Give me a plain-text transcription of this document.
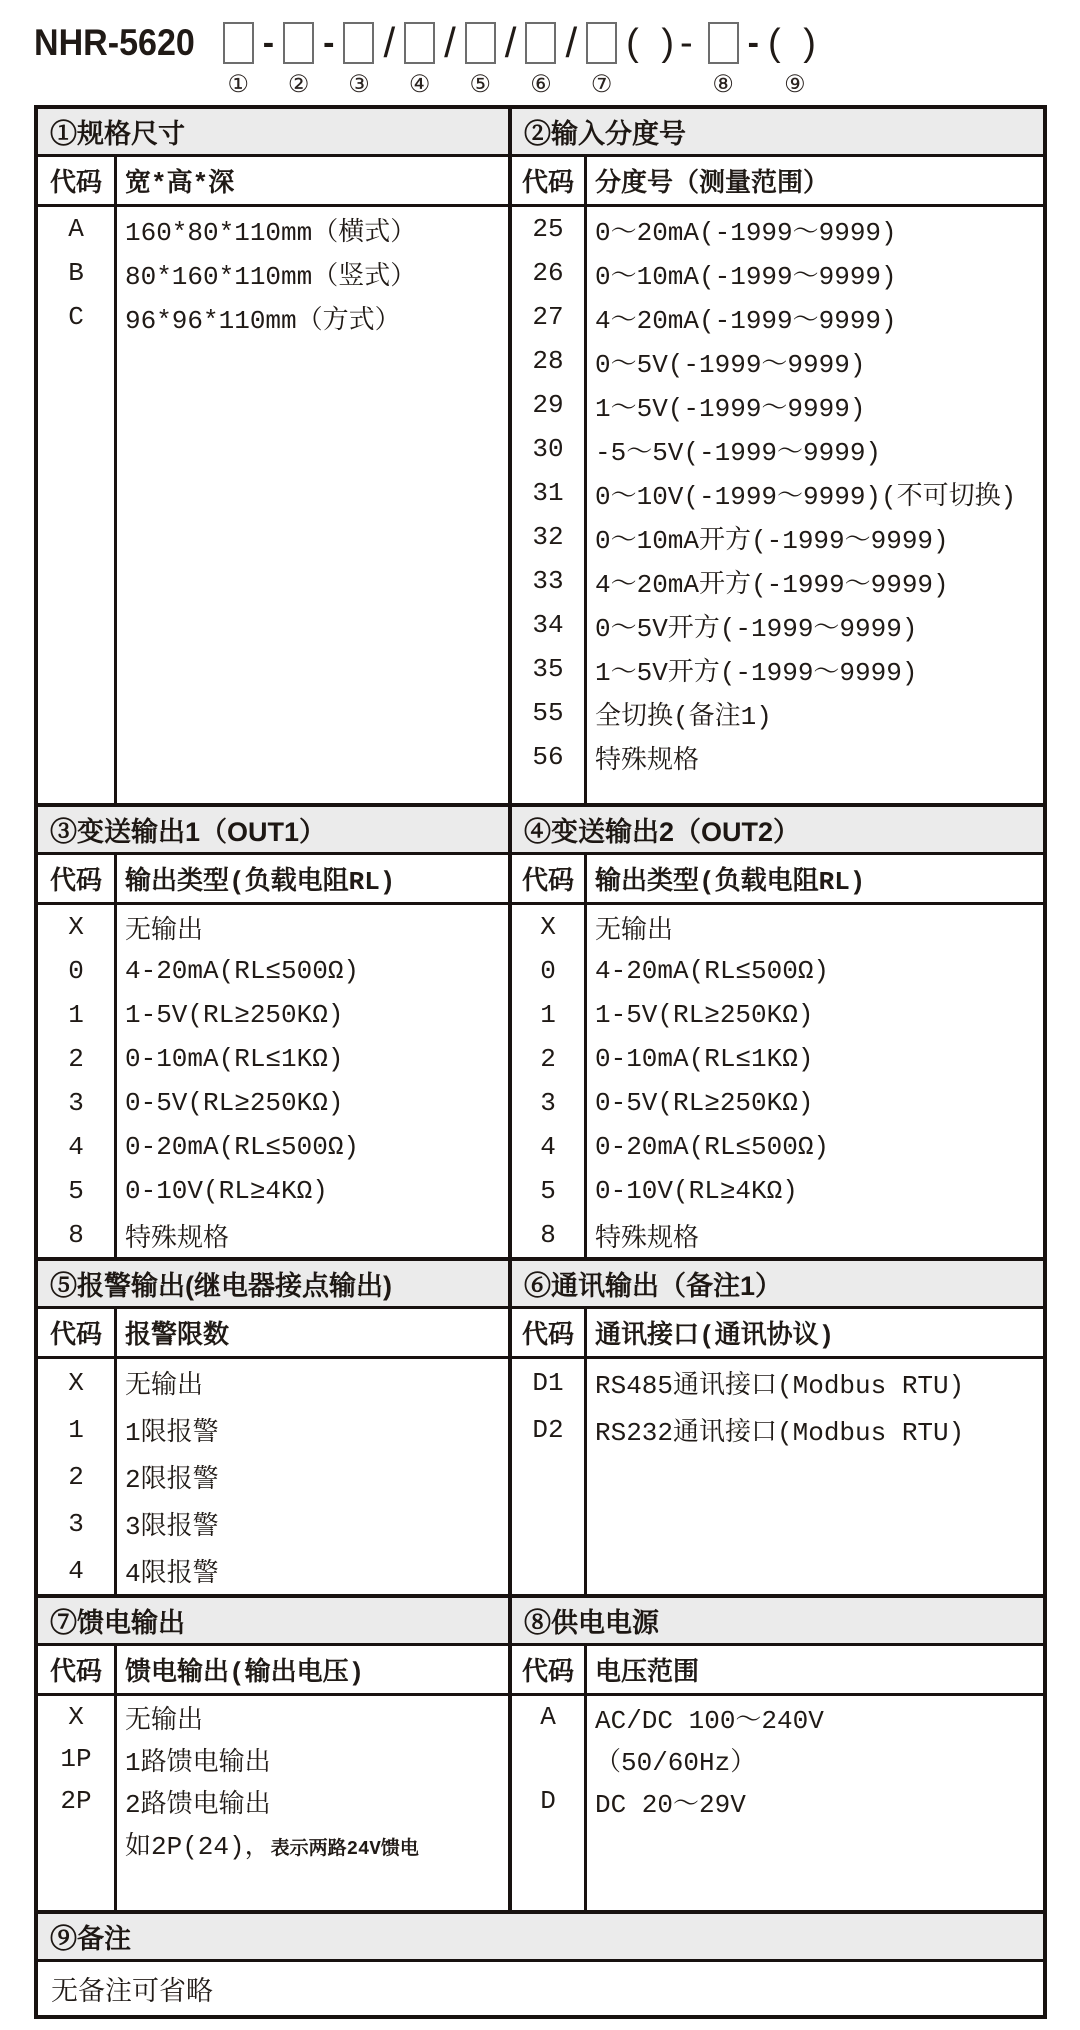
NHR-5620
①
-
②
-
③
/
④
/
⑤
/
⑥
/
⑦
( )-
⑧
- ( )
⑨
①规格尺寸
代码 宽*高*深
A	160*80*110mm（横式）
B	80*160*110mm（竖式）
C	96*96*110mm（方式）
②输入分度号
代码 分度号（测量范围）
25	0～20mA(-1999～9999)
26	0～10mA(-1999～9999)
27	4～20mA(-1999～9999)
28	0～5V(-1999～9999)
29	1～5V(-1999～9999)
30	-5～5V(-1999～9999)
31	0～10V(-1999～9999)(不可切换)
32	0～10mA开方(-1999～9999)
33	4～20mA开方(-1999～9999)
34	0～5V开方(-1999～9999)
35	1～5V开方(-1999～9999)
55	全切换(备注1)
56	特殊规格
③变送输出1（OUT1）
代码 输出类型(负载电阻RL)
X	无输出
0	4-20mA(RL≤500Ω)
1	1-5V(RL≥250KΩ)
2	0-10mA(RL≤1KΩ)
3	0-5V(RL≥250KΩ)
4	0-20mA(RL≤500Ω)
5	0-10V(RL≥4KΩ)
8	特殊规格
④变送输出2（OUT2）
代码 输出类型(负载电阻RL)
X	无输出
0	4-20mA(RL≤500Ω)
1	1-5V(RL≥250KΩ)
2	0-10mA(RL≤1KΩ)
3	0-5V(RL≥250KΩ)
4	0-20mA(RL≤500Ω)
5	0-10V(RL≥4KΩ)
8	特殊规格
⑤报警输出(继电器接点输出)
代码 报警限数
X	无输出
1	1限报警
2	2限报警
3	3限报警
4	4限报警
⑥通讯输出（备注1）
代码 通讯接口(通讯协议)
D1	RS485通讯接口(Modbus RTU)
D2	RS232通讯接口(Modbus RTU)
⑦馈电输出
代码 馈电输出(输出电压)
X	无输出
1P	1路馈电输出
2P	2路馈电输出
如2P(24)，表示两路24V馈电
⑧供电电源
代码 电压范围
A	AC/DC 100～240V
（50/60Hz）
D	DC 20～29V
⑨备注
无备注可省略
